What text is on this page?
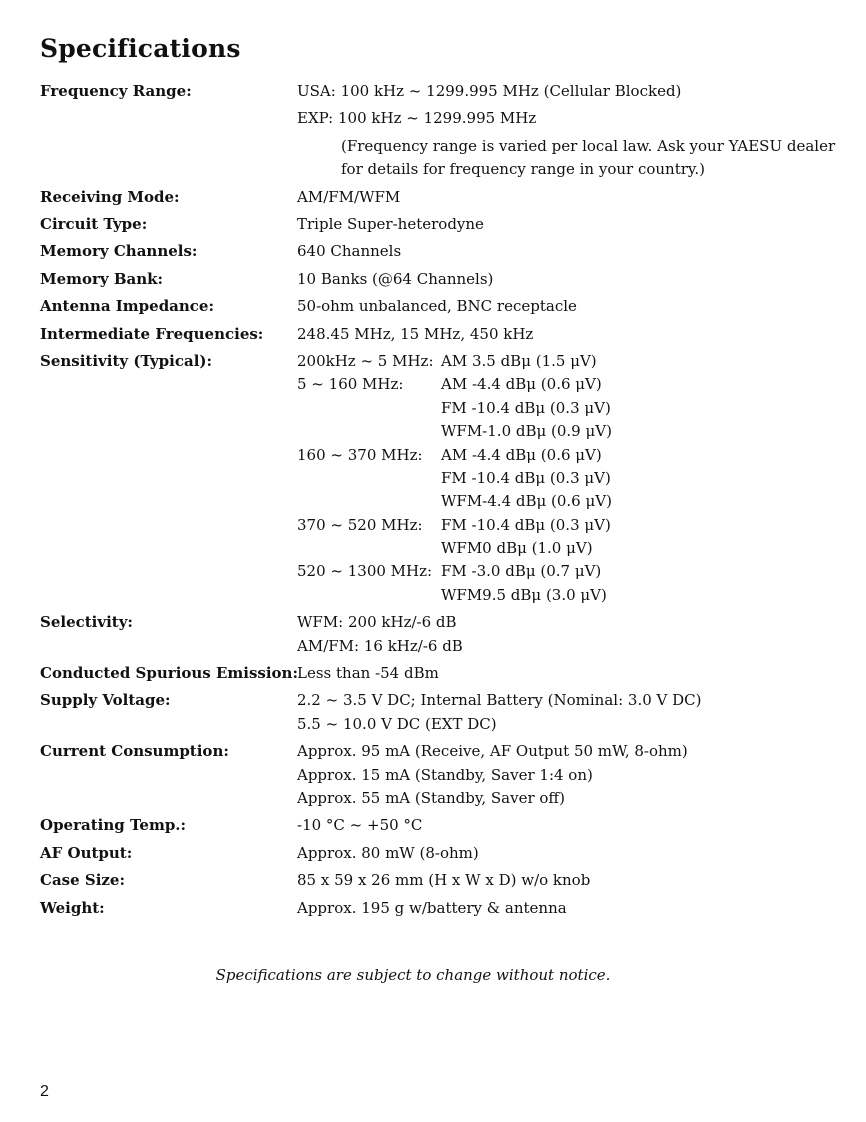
Specifications
Frequency Range:	USA: 100 kHz ~ 1299.995 MHz (Cellular Blocked)
EXP: 100 kHz ~ 1299.995 MHz
(Frequency range is varied per local law. Ask your YAESU dealer
for details for frequency range in your country.)
Receiving Mode:	AM/FM/WFM
Circuit Type:	Triple Super-heterodyne
Memory Channels:	640 Channels
Memory Bank:	10 Banks (@64 Channels)
Antenna Impedance:	50-ohm unbalanced, BNC receptacle
Intermediate Frequencies: 248.45 MHz, 15 MHz, 450 kHz
Sensitivity (Typical):	200kHz ~ 5 MHz: AM 3.5 dBμ (1.5 μV)
5 ~ 160 MHz:	AM -4.4 dBμ (0.6 μV)
FM -10.4 dBμ (0.3 μV)
WFM-1.0 dBμ (0.9 μV)
160 ~ 370 MHz: AM -4.4 dBμ (0.6 μV)
FM -10.4 dBμ (0.3 μV)
WFM-4.4 dBμ (0.6 μV)
370 ~ 520 MHz: FM -10.4 dBμ (0.3 μV)
WFM0 dBμ (1.0 μV)
520 ~ 1300 MHz: FM -3.0 dBμ (0.7 μV)
WFM9.5 dBμ (3.0 μV)
Selectivity:	WFM: 200 kHz/-6 dB
AM/FM: 16 kHz/-6 dB
Conducted Spurious Emission:
Less than -54 dBm
Supply Voltage:	2.2 ~ 3.5 V DC; Internal Battery (Nominal: 3.0 V DC)
5.5 ~ 10.0 V DC (EXT DC)
Current Consumption:	Approx. 95 mA (Receive, AF Output 50 mW, 8-ohm)
Approx. 15 mA (Standby, Saver 1:4 on)
Approx. 55 mA (Standby, Saver off)
Operating Temp.:	-10 °C ~ +50 °C
AF Output:	Approx. 80 mW (8-ohm)
Case Size:	85 x 59 x 26 mm (H x W x D) w/o knob
Weight:	Approx. 195 g w/battery & antenna
Specifications are subject to change without notice.
2
